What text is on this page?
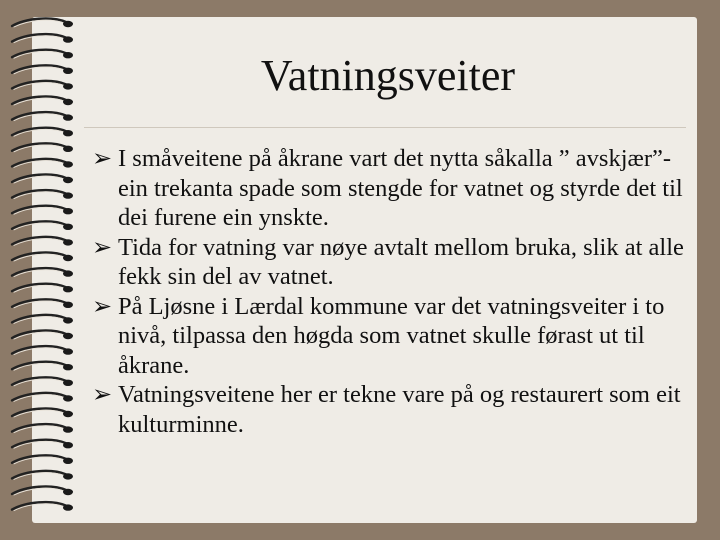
Vatningsveiter
➢ I småveitene på åkrane vart det nytta såkalla ” avskjær”- ein trekanta spade som stengde for vatnet og styrde det til dei furene ein ynskte.
➢ Tida for vatning var nøye avtalt mellom bruka, slik at alle fekk sin del av vatnet.
➢ På Ljøsne i Lærdal kommune var det vatningsveiter i to nivå, tilpassa den høgda som vatnet skulle førast ut til åkrane.
➢ Vatningsveitene her er tekne vare på og restaurert som eit kulturminne.
